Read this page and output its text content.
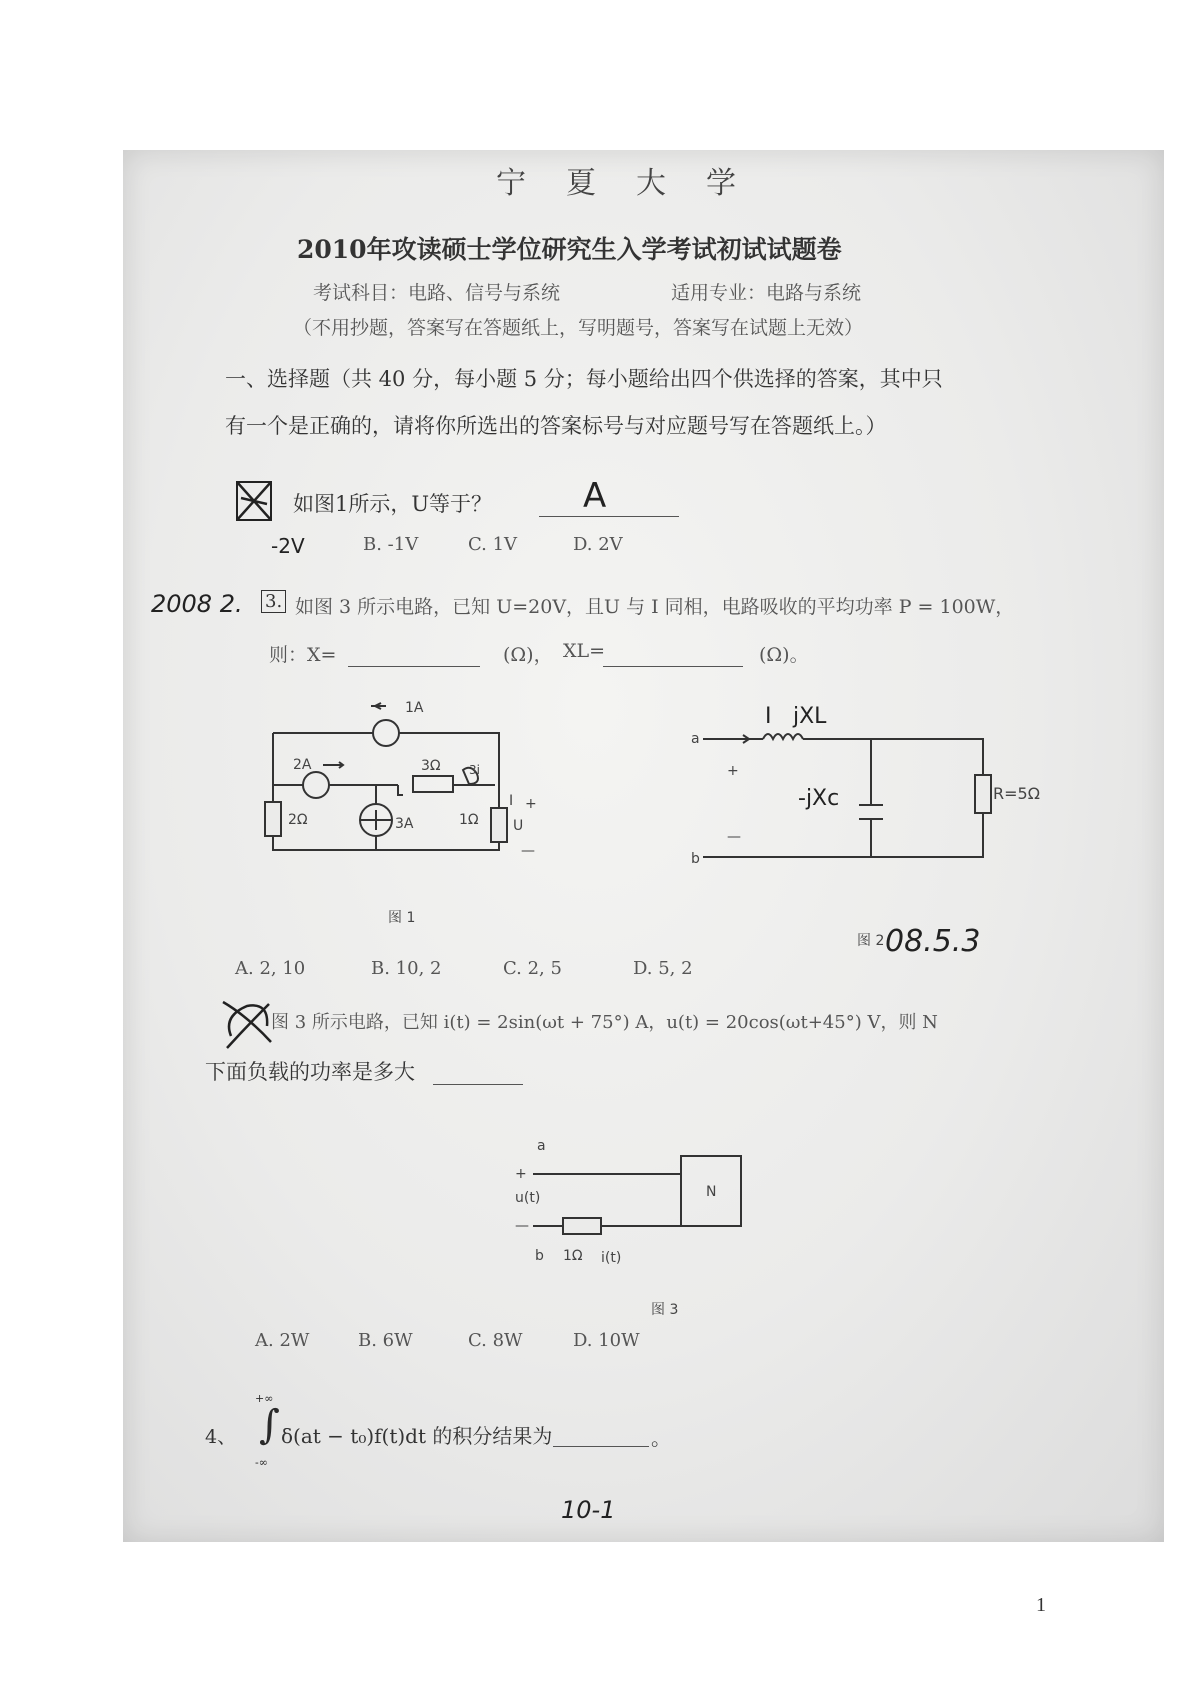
宁夏大学
2010年攻读硕士学位研究生入学考试初试试题卷
考试科目：电路、信号与系统	适用专业：电路与系统
（不用抄题，答案写在答题纸上，写明题号，答案写在试题上无效）
一、选择题（共 40 分，每小题 5 分；每小题给出四个供选择的答案，其中只
有一个是正确的，请将你所选出的答案标号与对应题号写在答题纸上。）
如图1所示，U等于？	A
-2V	B. -1V	C. 1V	D. 2V
2008 2. 3. 如图 3 所示电路，已知 U=20V，且U 与 I 同相，电路吸收的平均功率 P = 100W，
则：X=	(Ω)， XL=	(Ω)。
1A
2A
3A
3Ω
2Ω	1Ω
I +
U
—
3i
图 1
a
b
+
—
R=5Ω
图 2
I jXL
-jXc
08.5.3
A. 2, 10	B. 10, 2	C. 2, 5	D. 5, 2
图 3 所示电路，已知 i(t) = 2sin(ωt + 75°) A，u(t) = 20cos(ωt+45°) V，则 N
下面负载的功率是多大
a
+
u(t)
—
b 1Ω i(t)
N
图 3
A. 2W	B. 6W	C. 8W	D. 10W
4、
+∞
∫
-∞
δ(at − t₀)f(t)dt 的积分结果为	。
10-1
1
